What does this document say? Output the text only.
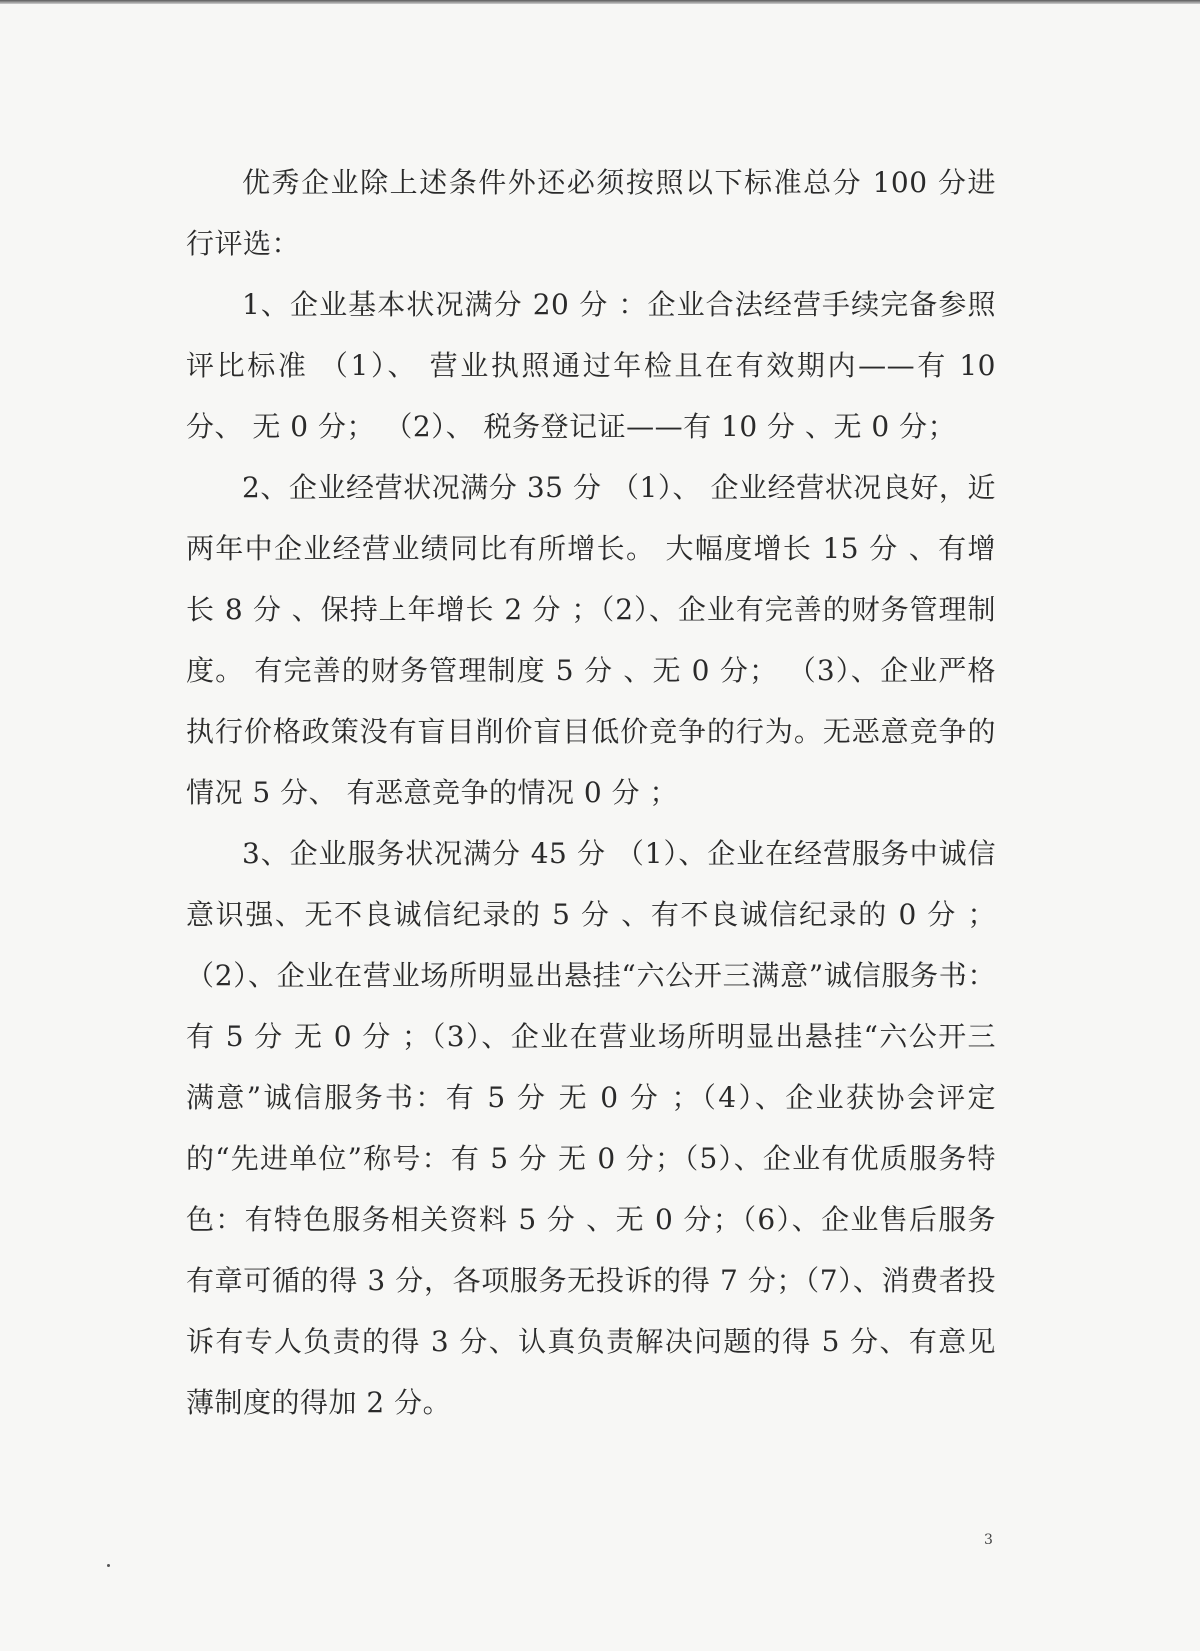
优秀企业除上述条件外还必须按照以下标准总分 100 分进行评选：

1、企业基本状况满分 20 分 ：企业合法经营手续完备参照评比标准 （1）、 营业执照通过年检且在有效期内——有 10 分、 无 0 分； （2）、 税务登记证——有 10 分 、无 0 分；

2、企业经营状况满分 35 分 （1）、 企业经营状况良好，近两年中企业经营业绩同比有所增长。 大幅度增长 15 分 、有增长 8 分 、保持上年增长 2 分 ；（2）、企业有完善的财务管理制度。 有完善的财务管理制度 5 分 、无 0 分； （3）、企业严格执行价格政策没有盲目削价盲目低价竞争的行为。无恶意竞争的情况 5 分、 有恶意竞争的情况 0 分 ；

3、企业服务状况满分 45 分 （1）、企业在经营服务中诚信意识强、无不良诚信纪录的 5 分 、有不良诚信纪录的 0 分 ；（2）、企业在营业场所明显出悬挂“六公开三满意”诚信服务书：有 5 分 无 0 分 ；（3）、企业在营业场所明显出悬挂“六公开三满意”诚信服务书：有 5 分 无 0 分 ；（4）、企业获协会评定的“先进单位”称号：有 5 分 无 0 分；（5）、企业有优质服务特色：有特色服务相关资料 5 分 、无 0 分；（6）、企业售后服务有章可循的得 3 分，各项服务无投诉的得 7 分；（7）、消费者投诉有专人负责的得 3 分、认真负责解决问题的得 5 分、有意见薄制度的得加 2 分。

3
